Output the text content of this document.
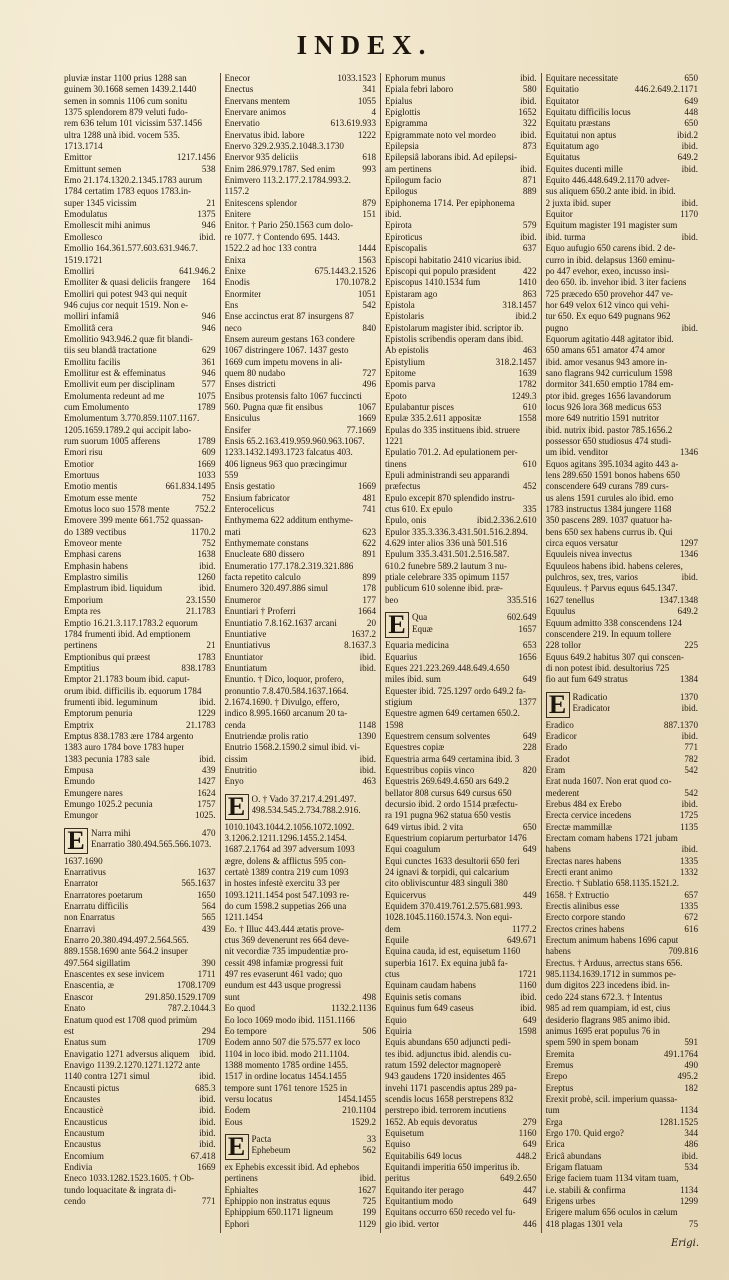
INDEX.
pluviæ instar 1100 prius 1288 san
guinem 30.1668 semen 1439.2.1440
semen in somnis 1106 cum sonitu
1375 splendorem 879 veluti fudo-
rem 636 telum 101 vicissim 537.1456
ultra 1288 unà ibid. vocem 535.
1713.1714
Emittor	1217.1456
Emittunt semen	538
Emo 21.174.1320.2.1345.1783 aurum
1784 certatim 1783 equos 1783.in-
super 1345 vicissim	21
Emodulatus	1375
Emollescit mihi animus	946
Emollesco	ibid.
Emollio 164.361.577.603.631.946.7.
1519.1721
Emolliri	641.946.2
Emolliter & quasi deliciis frangere	164
Emolliri qui potest 943 qui nequit
946 cujus cor nequit 1519. Non e-
molliri infamiâ	946
Emollitâ cera	946
Emollitio 943.946.2 quæ fit blandi-
tiis seu blandâ tractatione	629
Emollitu facilis	361
Emollitur est & effeminatus	946
Emollivit eum per disciplinam	577
Emolumenta redeunt ad me	1075
cum Emolumento	1789
Emolumentum 3.770.859.1107.1167.
1205.1659.1789.2 qui accipit labo-
rum suorum 1005 afferens	1789
Emori risu	609
Emotior	1669
Emortuus	1033
Emotio mentis	661.834.1495
Emotum esse mente	752
Emotus loco suo 1578 mente	752.2
Emovere 399 mente 661.752 quassan-
do 1389 vectibus	1170.2
Emoveor mente	752
Emphasi carens	1638
Emphasin habens	ibid.
Emplastro similis	1260
Emplastrum ibid. liquidum	ibid.
Emporium	23.1550
Empta res	21.1783
Emptio 16.21.3.117.1783.2 equorum
1784 frumenti ibid. Ad emptionem
pertinens	21
Emptionibus qui præest	1783
Emptitius	838.1783
Emptor 21.1783 boum ibid. caput-
orum ibid. difficilis ib. equorum 1784
frumenti ibid. leguminum	ibid.
Emptorum penuria	1229
Emptrix	21.1783
Emptus 838.1783 ære 1784 argento
1383 auro 1784 bove 1783 huper
1383 pecunia 1783 sale	ibid.
Empusa	439
Emundo	1427
Emungere nares	1624
Emungo 1025.2 pecunia	1757
Emungor	1025.
E Narra mihi	470
Enarratio 380.494.565.566.1073.
1637.1690
Enarrativus	1637
Enarrator	565.1637
Enarratores poetarum	1650
Enarratu difficilis	564
non Enarratus	565
Enarravi	439
Enarro 20.380.494.497.2.564.565.
889.1558.1690 ante 564.2 insuper
497.564 sigillatim	390
Enascentes ex sese invicem	1711
Enascentia, æ	1708.1709
Enascor	291.850.1529.1709
Enato	787.2.1044.3
Enatum quod est 1708 quod primùm
est	294
Enatus sum	1709
Enavigatio 1271 adversus aliquem	ibid.
Enavigo 1139.2.1270.1271.1272 ante
1140 contra 1271 simul	ibid.
Encausti pictus	685.3
Encaustes	ibid.
Encausticè	ibid.
Encausticus	ibid.
Encaustum	ibid.
Encaustus	ibid.
Encomium	67.418
Endivia	1669
Eneco 1033.1282.1523.1605. † Ob-
tundo loquacitate & ingrata di-
cendo	771
Enecor	1033.1523
Enectus	341
Enervans mentem	1055
Enervare animos	4
Enervatio	613.619.933
Enervatus ibid. labore	1222
Enervo 329.2.935.2.1048.3.1730
Enervor 935 deliciis	618
Enim 286.979.1787. Sed enim	993
Enimvero 113.2.177.2.1784.993.2.
1157.2
Enitescens splendor	879
Enitere	151
Enitor. † Pario 250.1563 cum dolo-
re 1077. † Contendo 695. 1443.
1522.2 ad hoc 133 contra	1444
Enixa	1563
Enixe	675.1443.2.1526
Enodis	170.1078.2
Enormiter	1051
Ens	542
Ense accinctus erat 87 insurgens 87
neco	840
Ensem aureum gestans 163 condere
1067 distringere 1067. 1437 gesto
1669 cum impetu movens in ali-
quem 80 nudabo	727
Enses districti	496
Ensibus protensis falto 1067 fuccincti
560. Pugna quæ fit ensibus	1067
Ensiculus	1669
Ensifer	77.1669
Ensis 65.2.163.419.959.960.963.1067.
1233.1432.1493.1723 falcatus 403.
406 ligneus 963 quo præcingimur
559
Ensis gestatio	1669
Ensium fabricator	481
Enterocelicus	741
Enthymema 622 additum enthyme-
mati	623
Enthymemate constans	622
Enucleate 680 dissero	891
Enumeratio 177.178.2.319.321.886
facta repetito calculo	899
Enumero 320.497.886 simul	178
Enumeror	177
Enuntiari † Proferri	1664
Enuntiatio 7.8.162.1637 arcani	20
Enuntiative	1637.2
Enuntiativus	8.1637.3
Enuntiator	ibid.
Enuntiatum	ibid.
Enuntio. † Dico, loquor, profero,
pronuntio 7.8.470.584.1637.1664.
2.1674.1690. † Divulgo, effero,
indico 8.995.1660 arcanum 20 ta-
cenda	1148
Enutriendæ prolis ratio	1390
Enutrio 1568.2.1590.2 simul ibid. vi-
cissim	ibid.
Enutritio	ibid.
Enyo	463
E O. † Vado 37.217.4.291.497.
498.534.545.2.734.788.2.916.
1010.1043.1044.2.1056.1072.1092.
3.1206.2.1211.1296.1455.2.1454.
1687.2.1764 ad 397 adversum 1093
ægre, dolens & afflictus 595 con-
certatè 1389 contra 219 cum 1093
in hostes infestè exercitu 33 per
1093.1211.1454 post 547.1093 re-
do cum 1598.2 suppetias 266 una
1211.1454
Eo. † Illuc 443.444 ætatis prove-
ctus 369 devenerunt res 664 deve-
nit vecordiæ 735 impudentiæ pro-
cessit 498 infamiæ progressi fuit
497 res evaserunt 461 vado; quo
eundum est 443 usque progressi
sunt	498
Eo quod	1132.2.1136
Eo loco 1069 modo ibid. 1151.1166
Eo tempore	506
Eodem anno 507 die 575.577 ex loco
1104 in loco ibid. modo 211.1104.
1388 momento 1785 ordine 1455.
1517 in ordine locatus 1454.1455
tempore sunt 1761 tenore 1525 in
versu locatus	1454.1455
Eodem	210.1104
Eous	1529.2
E Pacta	33
Ephebeum	562
ex Ephebis excessit ibid. Ad ephebos
pertinens	ibid.
Ephialtes	1627
Ephippio non instratus equus	725
Ephippium 650.1171 ligneum	199
Ephori	1129
Ephorum munus	ibid.
Epiala febri laboro	580
Epialus	ibid.
Epiglottis	1652
Epigramma	322
Epigrammate noto vel mordeo	ibid.
Epilepsia	873
Epilepsiâ laborans ibid. Ad epilepsi-
am pertinens	ibid.
Epilogum facio	871
Epilogus	889
Epiphonema 1714. Per epiphonema
ibid.
Epirota	579
Epiroticus	ibid.
Episcopalis	637
Episcopi habitatio 2410 vicarius ibid.
Episcopi qui populo præsident	422
Episcopus 1410.1534 fum	1410
Epistaram ago	863
Epistola	318.1457
Epistolaris	ibid.2
Epistolarum magister ibid. scriptor ib.
Epistolis scribendis operam dans ibid.
Ab epistolis	463
Epistylium	318.2.1457
Epitome	1639
Epomis parva	1782
Epoto	1249.3
Epulabantur pisces	610
Epulæ 335.2.611 appositæ	1558
Epulas do 335 instituens ibid. struere
1221
Epulatio 701.2. Ad epulationem per-
tinens	610
Epuli administrandi seu apparandi
præfectus	452
Epulo excepit 870 splendido instru-
ctus 610. Ex epulo	335
Epulo, onis	ibid.2.336.2.610
Epulor 335.3.336.3.431.501.516.2.894.
4.629 inter alios 336 unà 501.516
Epulum 335.3.431.501.2.516.587.
610.2 funebre 589.2 lautum 3 nu-
ptiale celebrare 335 opimum 1157
publicum 610 solenne ibid. præ-
beo	335.516
E Qua	602.649
Equæ	1657
Equaria medicina	653
Equarius	1656
Eques 221.223.269.448.649.4.650
miles ibid. sum	649
Equester ibid. 725.1297 ordo 649.2 fa-
stigium	1377
Equestre agmen 649 certamen 650.2.
1598
Equestrem censum solventes	649
Equestres copiæ	228
Equestria arma 649 certamina ibid. 3
Equestribus copiis vinco	820
Equestris 269.649.4.650 ars 649.2
bellator 808 cursus 649 cursus 650
decursio ibid. 2 ordo 1514 præfectu-
ra 191 pugna 962 statua 650 vestis
649 virtus ibid. 2 vita	650
Equestrium copiarum perturbator 1476
Equi coagulum	649
Equi cunctes 1633 desultorii 650 feri
24 ignavi & torpidi, qui calcarium
cito obliviscuntur 483 singuli 380
Equicervus	449
Equidem 370.419.761.2.575.681.993.
1028.1045.1160.1574.3. Non equi-
dem	1177.2
Equile	649.671
Equina cauda, id est, equisetum 1160
superbia 1617. Ex equina jubâ fa-
ctus	1721
Equinam caudam habens	1160
Equinis setis comans	ibid.
Equinus fum 649 caseus	ibid.
Equio	649
Equiria	1598
Equis abundans 650 adjuncti pedi-
tes ibid. adjunctus ibid. alendis cu-
ratum 1592 delector magnoperè
943 gaudens 1720 insidentes 465
invehi 1171 pascendis aptus 289 pa-
scendis locus 1658 perstrepens 832
perstrepo ibid. terrorem incutiens
1652. Ab equis devoratus	279
Equisetum	1160
Equiso	649
Equitabilis 649 locus	448.2
Equitandi imperitia 650 imperitus ib.
peritus	649.2.650
Equitando iter perago	447
Equitantium modo	649
Equitans occurro 650 recedo vel fu-
gio ibid. vertor	446
Equitare necessitate	650
Equitatio	446.2.649.2.1171
Equitator	649
Equitatu difficilis locus	448
Equitatu præstans	650
Equitatui non aptus	ibid.2
Equitatum ago	ibid.
Equitatus	649.2
Equites ducenti mille	ibid.
Equito 446.448.649.2.1170 adver-
sus aliquem 650.2 ante ibid. in ibid.
2 juxta ibid. super	ibid.
Equitor	1170
Equitum magister 191 magister sum
ibid. turma	ibid.
Equo aufugio 650 carens ibid. 2 de-
curro in ibid. delapsus 1360 eminu-
po 447 evehor, exeo, incusso insi-
deo 650. ib. invehor ibid. 3 iter faciens
725 præcedo 650 provehor 447 ve-
hor 649 velox 612 vinco qui vehi-
tur 650. Ex equo 649 pugnans 962
pugno	ibid.
Equorum agitatio 448 agitator ibid.
650 amans 651 amator 474 amor
ibid. amor vesanus 943 amore in-
sano flagrans 942 curriculum 1598
dormitor 341.650 emptio 1784 em-
ptor ibid. greges 1656 lavandorum
locus 926 lora 368 medicus 653
more 649 nutritio 1591 nutritor
ibid. nutrix ibid. pastor 785.1656.2
possessor 650 studiosus 474 studi-
um ibid. venditor	1346
Equos agitans 395.1034 agito 443 a-
lens 289.650 1591 bonos habens 650
conscendere 649 curans 789 curs-
us alens 1591 curules alo ibid. emo
1783 instructus 1384 jungere 1168
350 pascens 289. 1037 quatuor ha-
bens 650 sex habens currus ib. Qui
circa equos versatur	1297
Equuleis nivea invectus	1346
Equuleos habens ibid. habens celeres,
pulchros, sex, tres, varios	ibid.
Equuleus. † Parvus equus 645.1347.
1627 tenellus	1347.1348
Equulus	649.2
Equum admitto 338 conscendens 124
conscendere 219. In equum tollere
228 tollor	225
Equus 649.2 habitus 307 qui conscen-
di non potest ibid. desultorius 725
fio aut fum 649 stratus	1384
E Radicatio	1370
Eradicator	ibid.
Eradico	887.1370
Eradicor	ibid.
Erado	771
Eradot	782
Eram	542
Erat nuda 1607. Non erat quod co-
mederent	542
Erebus 484 ex Erebo	ibid.
Erecta cervice incedens	1725
Erectæ mammillæ	1135
Erectam comam habens 1721 jubam
habens	ibid.
Erectas nares habens	1335
Erecti erant animo	1332
Erectio. † Sublatio 658.1135.1521.2.
1658. † Extructio	657
Erectis alinibus esse	1335
Erecto corpore stando	672
Erectos crines habens	616
Erectum animum habens 1696 caput
habens	709.816
Erectus. † Arduus, arrectus stans 656.
985.1134.1639.1712 in summos pe-
dum digitos 223 incedens ibid. in-
cedo 224 stans 672.3. † Intentus
985 ad rem quampiam, id est, cius
desiderio flagrans 985 animo ibid.
animus 1695 erat populus 76 in
spem 590 in spem bonam	591
Eremita	491.1764
Eremus	490
Erepo	495.2
Ereptus	182
Erexit probè, scil. imperium quassa-
tum	1134
Erga	1281.1525
Ergo 170. Quid ergo?	344
Erica	486
Ericâ abundans	ibid.
Erigam flatuam	534
Erige faciem tuam 1134 vitam tuam,
i.e. stabili & confirma	1134
Erigens urbes	1299
Erigere malum 656 oculos in cælum
418 plagas 1301 vela	75
Erigi.
